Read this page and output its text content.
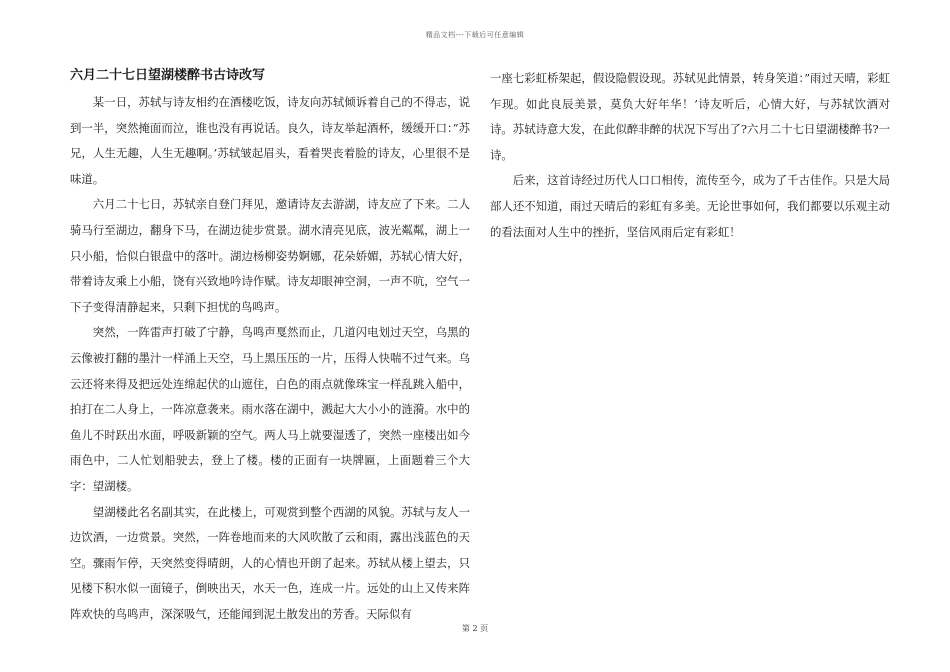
精品文档---下载后可任意编辑
六月二十七日望湖楼醉书古诗改写

某一日，苏轼与诗友相约在酒楼吃饭，诗友向苏轼倾诉着自己的不得志，说到一半，突然掩面而泣，谁也没有再说话。良久，诗友举起酒杯，缓缓开口：”苏兄，人生无趣，人生无趣啊。’苏轼皱起眉头，看着哭丧着脸的诗友，心里很不是味道。

六月二十七日，苏轼亲自登门拜见，邀请诗友去游湖，诗友应了下来。二人骑马行至湖边，翻身下马，在湖边徒步赏景。湖水清亮见底，波光粼粼，湖上一只小船，恰似白银盘中的落叶。湖边杨柳姿势婀娜，花朵娇媚，苏轼心情大好，带着诗友乘上小船，饶有兴致地吟诗作赋。诗友却眼神空洞，一声不吭，空气一下子变得清静起来，只剩下担忧的鸟鸣声。

突然，一阵雷声打破了宁静，鸟鸣声戛然而止，几道闪电划过天空，乌黑的云像被打翻的墨汁一样涌上天空，马上黑压压的一片，压得人快喘不过气来。乌云还将来得及把远处连绵起伏的山遮住，白色的雨点就像珠宝一样乱跳入船中，拍打在二人身上，一阵凉意袭来。雨水落在湖中，溅起大大小小的涟漪。水中的鱼儿不时跃出水面，呼吸新颖的空气。两人马上就要湿透了，突然一座楼出如今雨色中，二人忙划船驶去，登上了楼。楼的正面有一块牌匾，上面题着三个大字：望湖楼。

望湖楼此名名副其实，在此楼上，可观赏到整个西湖的风貌。苏轼与友人一边饮酒，一边赏景。突然，一阵卷地而来的大风吹散了云和雨，露出浅蓝色的天空。骤雨乍停，天突然变得晴朗，人的心情也开朗了起来。苏轼从楼上望去，只见楼下积水似一面镜子，倒映出天，水天一色，连成一片。远处的山上又传来阵阵欢快的鸟鸣声，深深吸气，还能闻到泥土散发出的芳香。天际似有

一座七彩虹桥架起，假设隐假设现。苏轼见此情景，转身笑道：”雨过天晴，彩虹乍现。如此良辰美景，莫负大好年华！’诗友听后，心情大好，与苏轼饮酒对诗。苏轼诗意大发，在此似醉非醉的状况下写出了?六月二十七日望湖楼醉书?一诗。

后来，这首诗经过历代人口口相传，流传至今，成为了千古佳作。只是大局部人还不知道，雨过天晴后的彩虹有多美。无论世事如何，我们都要以乐观主动的看法面对人生中的挫折，坚信风雨后定有彩虹！

第 2 页
